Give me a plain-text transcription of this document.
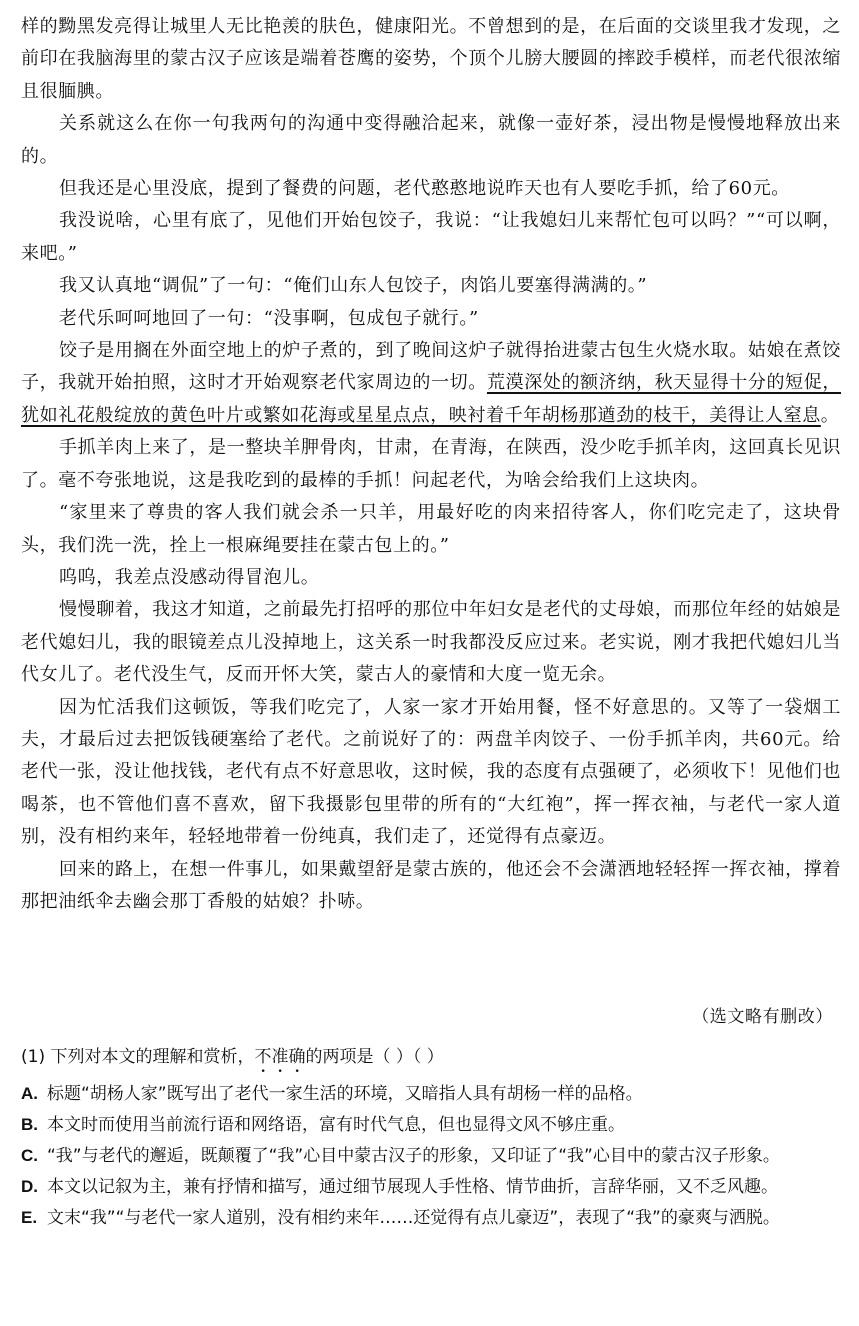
样的黝黑发亮得让城里人无比艳羡的肤色，健康阳光。不曾想到的是，在后面的交谈里我才发现，之前印在我脑海里的蒙古汉子应该是端着苍鹰的姿势，个顶个儿膀大腰圆的摔跤手模样，而老代很浓缩且很腼腆。

关系就这么在你一句我两句的沟通中变得融洽起来，就像一壶好茶，浸出物是慢慢地释放出来的。

但我还是心里没底，提到了餐费的问题，老代憨憨地说昨天也有人要吃手抓，给了60元。

我没说啥，心里有底了，见他们开始包饺子，我说：“让我媳妇儿来帮忙包可以吗？”“可以啊，来吧。”

我又认真地“调侃”了一句：“俺们山东人包饺子，肉馅儿要塞得满满的。”

老代乐呵呵地回了一句：“没事啊，包成包子就行。”

饺子是用搁在外面空地上的炉子煮的，到了晚间这炉子就得抬进蒙古包生火烧水取。姑娘在煮饺子，我就开始拍照，这时才开始观察老代家周边的一切。荒漠深处的额济纳，秋天显得十分的短促，犹如礼花般绽放的黄色叶片或繁如花海或星星点点，映衬着千年胡杨那遒劲的枝干，美得让人窒息。

手抓羊肉上来了，是一整块羊胛骨肉，甘肃，在青海，在陕西，没少吃手抓羊肉，这回真长见识了。毫不夸张地说，这是我吃到的最棒的手抓！问起老代，为啥会给我们上这块肉。

“家里来了尊贵的客人我们就会杀一只羊，用最好吃的肉来招待客人，你们吃完走了，这块骨头，我们洗一洗，拴上一根麻绳要挂在蒙古包上的。”

呜呜，我差点没感动得冒泡儿。

慢慢聊着，我这才知道，之前最先打招呼的那位中年妇女是老代的丈母娘，而那位年经的姑娘是老代媳妇儿，我的眼镜差点儿没掉地上，这关系一时我都没反应过来。老实说，刚才我把代媳妇儿当代女儿了。老代没生气，反而开怀大笑，蒙古人的豪情和大度一览无余。

因为忙活我们这顿饭，等我们吃完了，人家一家才开始用餐，怪不好意思的。又等了一袋烟工夫，才最后过去把饭钱硬塞给了老代。之前说好了的：两盘羊肉饺子、一份手抓羊肉，共60元。给老代一张，没让他找钱，老代有点不好意思收，这时候，我的态度有点强硬了，必须收下！见他们也喝茶，也不管他们喜不喜欢，留下我摄影包里带的所有的“大红袍”，挥一挥衣袖，与老代一家人道别，没有相约来年，轻轻地带着一份纯真，我们走了，还觉得有点豪迈。

回来的路上，在想一件事儿，如果戴望舒是蒙古族的，他还会不会潇洒地轻轻挥一挥衣袖，撑着那把油纸伞去幽会那丁香般的姑娘？扑哧。

（选文略有删改）
(1) 下列对本文的理解和赏析，不准确的两项是（ ）（ ）
A. 标题“胡杨人家”既写出了老代一家生活的环境，又暗指人具有胡杨一样的品格。
B. 本文时而使用当前流行语和网络语，富有时代气息，但也显得文风不够庄重。
C. “我”与老代的邂逅，既颠覆了“我”心目中蒙古汉子的形象，又印证了“我”心目中的蒙古汉子形象。
D. 本文以记叙为主，兼有抒情和描写，通过细节展现人手性格、情节曲折，言辞华丽，又不乏风趣。
E. 文末“我”“与老代一家人道别，没有相约来年……还觉得有点儿豪迈”，表现了“我”的豪爽与洒脱。
